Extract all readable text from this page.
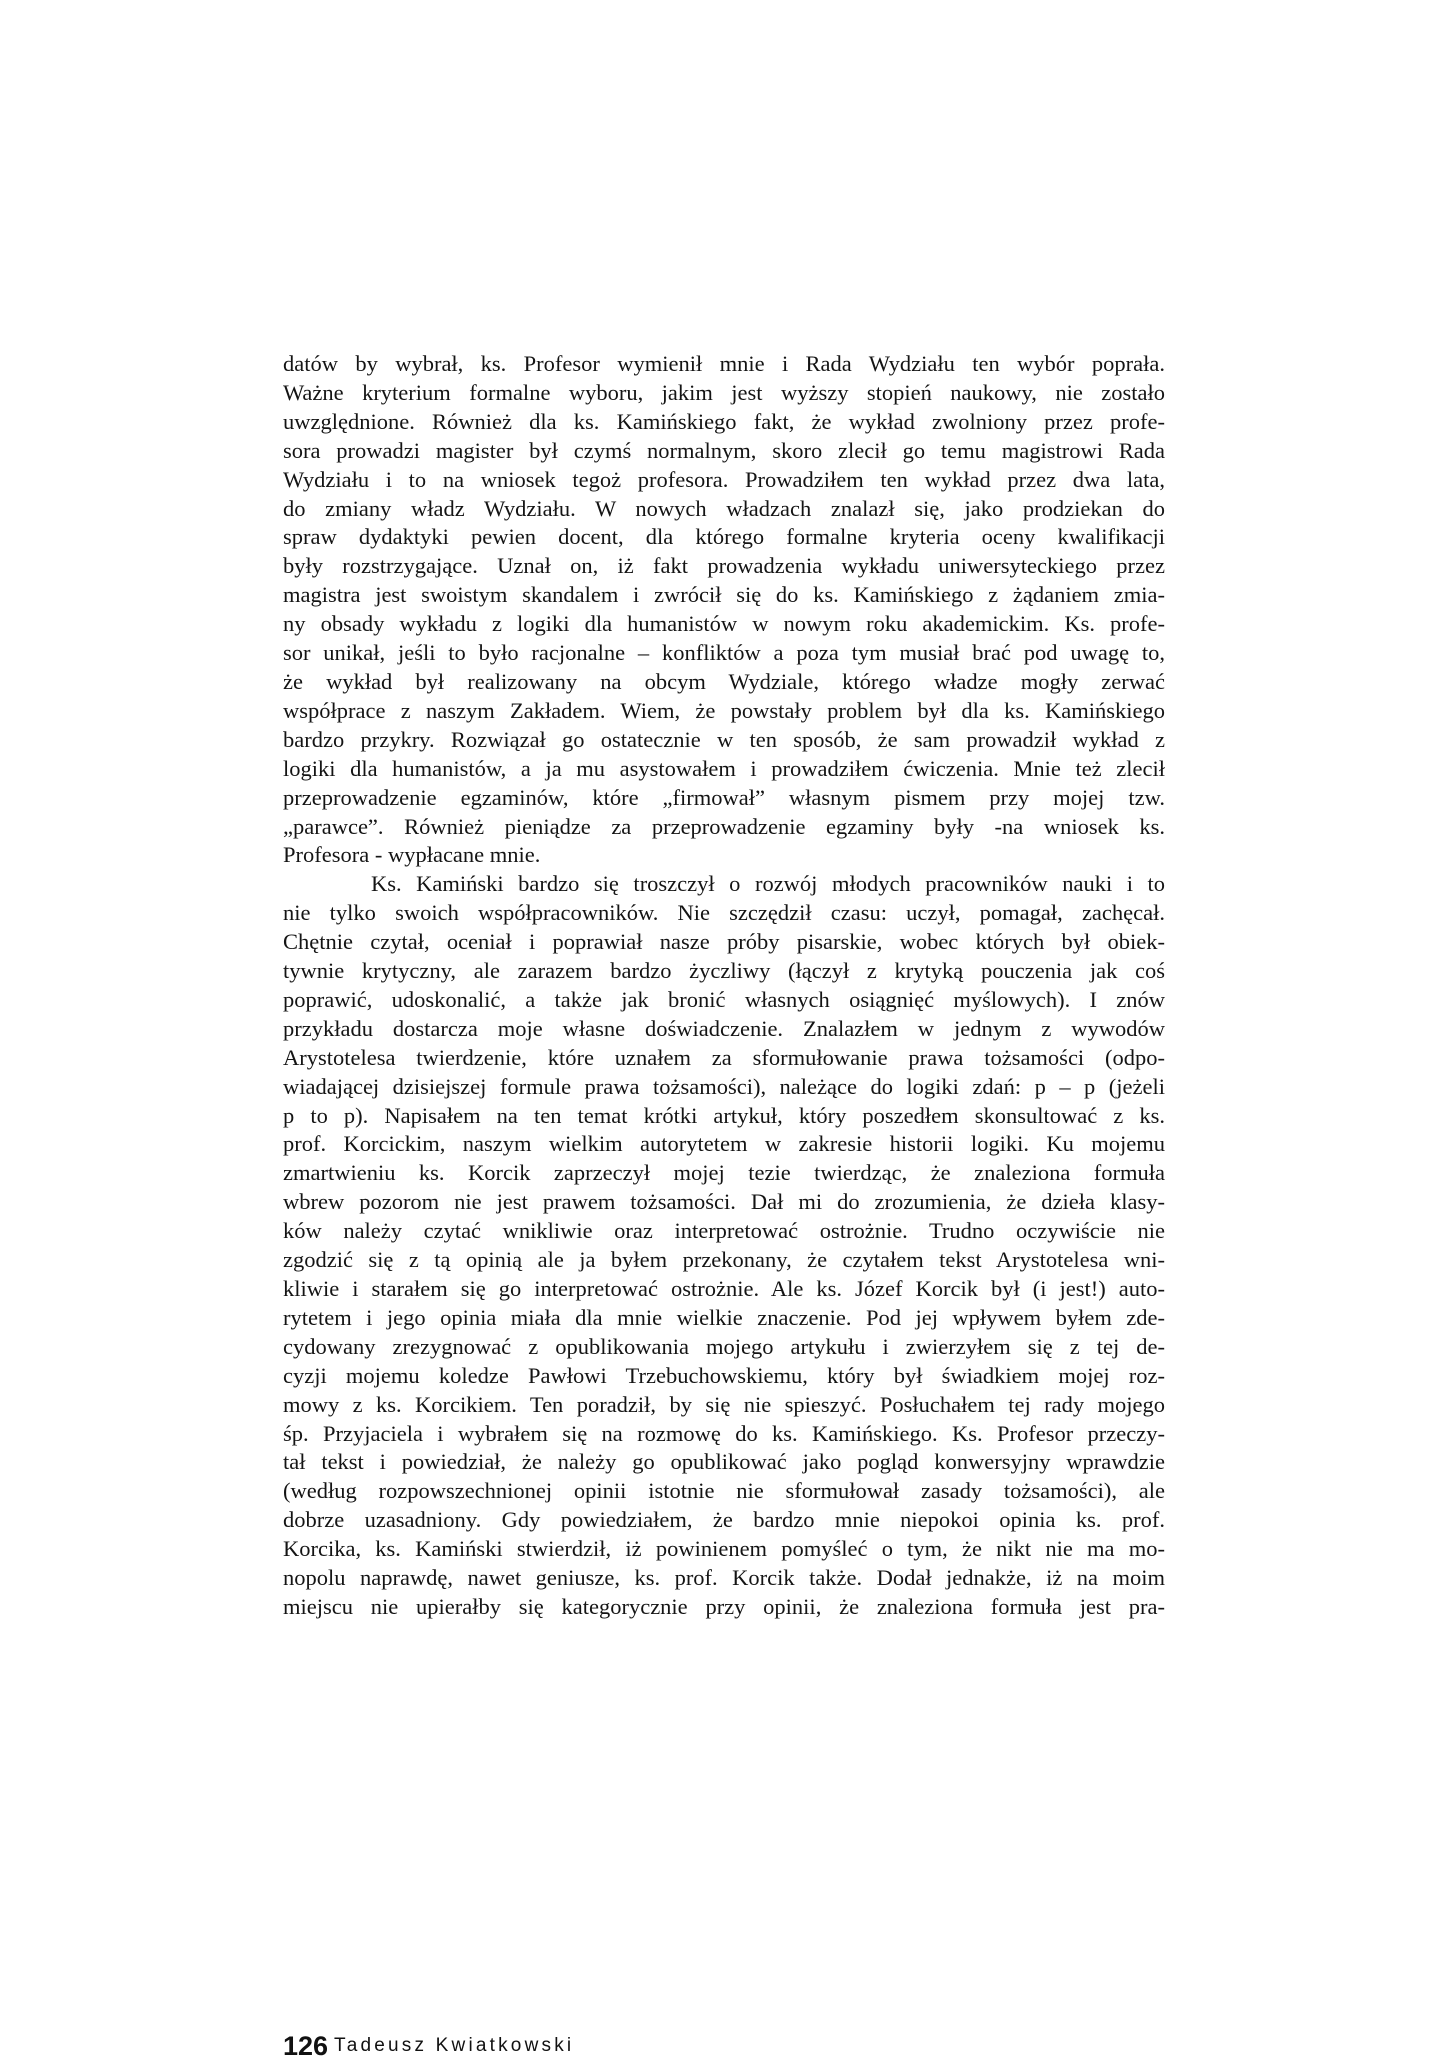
datów by wybrał, ks. Profesor wymienił mnie i Rada Wydziału ten wybór poprała.
Ważne kryterium formalne wyboru, jakim jest wyższy stopień naukowy, nie zostało
uwzględnione. Również dla ks. Kamińskiego fakt, że wykład zwolniony przez profe-
sora prowadzi magister był czymś normalnym, skoro zlecił go temu magistrowi Rada
Wydziału i to na wniosek tegoż profesora. Prowadziłem ten wykład przez dwa lata,
do zmiany władz Wydziału. W nowych władzach znalazł się, jako prodziekan do
spraw dydaktyki pewien docent, dla którego formalne kryteria oceny kwalifikacji
były rozstrzygające. Uznał on, iż fakt prowadzenia wykładu uniwersyteckiego przez
magistra jest swoistym skandalem i zwrócił się do ks. Kamińskiego z żądaniem zmia-
ny obsady wykładu z logiki dla humanistów w nowym roku akademickim. Ks. profe-
sor unikał, jeśli to było racjonalne – konfliktów a poza tym musiał brać pod uwagę to,
że wykład był realizowany na obcym Wydziale, którego władze mogły zerwać
współprace z naszym Zakładem. Wiem, że powstały problem był dla ks. Kamińskiego
bardzo przykry. Rozwiązał go ostatecznie w ten sposób, że sam prowadził wykład z
logiki dla humanistów, a ja mu asystowałem i prowadziłem ćwiczenia. Mnie też zlecił
przeprowadzenie egzaminów, które „firmował” własnym pismem przy mojej tzw.
„parawce”. Również pieniądze za przeprowadzenie egzaminy były -na wniosek ks.
Profesora - wypłacane mnie.
Ks. Kamiński bardzo się troszczył o rozwój młodych pracowników nauki i to
nie tylko swoich współpracowników. Nie szczędził czasu: uczył, pomagał, zachęcał.
Chętnie czytał, oceniał i poprawiał nasze próby pisarskie, wobec których był obiek-
tywnie krytyczny, ale zarazem bardzo życzliwy (łączył z krytyką pouczenia jak coś
poprawić, udoskonalić, a także jak bronić własnych osiągnięć myślowych). I znów
przykładu dostarcza moje własne doświadczenie. Znalazłem w jednym z wywodów
Arystotelesa twierdzenie, które uznałem za sformułowanie prawa tożsamości (odpo-
wiadającej dzisiejszej formule prawa tożsamości), należące do logiki zdań: p – p (jeżeli
p to p). Napisałem na ten temat krótki artykuł, który poszedłem skonsultować z ks.
prof. Korcickim, naszym wielkim autorytetem w zakresie historii logiki. Ku mojemu
zmartwieniu ks. Korcik zaprzeczył mojej tezie twierdząc, że znaleziona formuła
wbrew pozorom nie jest prawem tożsamości. Dał mi do zrozumienia, że dzieła klasy-
ków należy czytać wnikliwie oraz interpretować ostrożnie. Trudno oczywiście nie
zgodzić się z tą opinią ale ja byłem przekonany, że czytałem tekst Arystotelesa wni-
kliwie i starałem się go interpretować ostrożnie. Ale ks. Józef Korcik był (i jest!) auto-
rytetem i jego opinia miała dla mnie wielkie znaczenie. Pod jej wpływem byłem zde-
cydowany zrezygnować z opublikowania mojego artykułu i zwierzyłem się z tej de-
cyzji mojemu koledze Pawłowi Trzebuchowskiemu, który był świadkiem mojej roz-
mowy z ks. Korcikiem. Ten poradził, by się nie spieszyć. Posłuchałem tej rady mojego
śp. Przyjaciela i wybrałem się na rozmowę do ks. Kamińskiego. Ks. Profesor przeczy-
tał tekst i powiedział, że należy go opublikować jako pogląd konwersyjny wprawdzie
(według rozpowszechnionej opinii istotnie nie sformułował zasady tożsamości), ale
dobrze uzasadniony. Gdy powiedziałem, że bardzo mnie niepokoi opinia ks. prof.
Korcika, ks. Kamiński stwierdził, iż powinienem pomyśleć o tym, że nikt nie ma mo-
nopolu naprawdę, nawet geniusze, ks. prof. Korcik także. Dodał jednakże, iż na moim
miejscu nie upierałby się kategorycznie przy opinii, że znaleziona formuła jest pra-
126 Tadeusz Kwiatkowski
